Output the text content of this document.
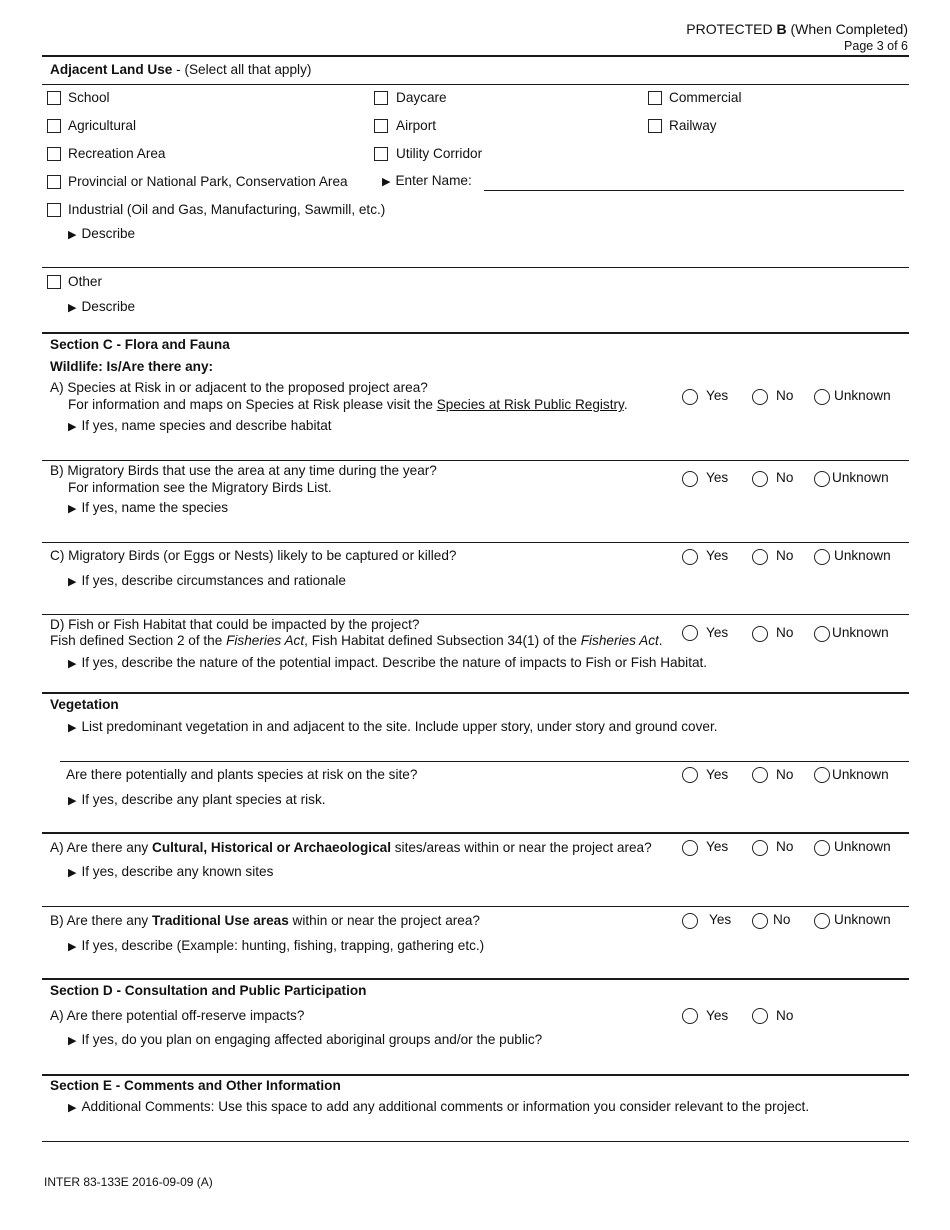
PROTECTED B (When Completed)
Page 3 of 6
Adjacent Land Use - (Select all that apply)
School	Daycare	Commercial
Agricultural	Airport	Railway
Recreation Area	Utility Corridor
Provincial or National Park, Conservation Area	▶ Enter Name:
Industrial (Oil and Gas, Manufacturing, Sawmill, etc.)
▶ Describe
Other
▶ Describe
Section C - Flora and Fauna
Wildlife: Is/Are there any:
A) Species at Risk in or adjacent to the proposed project area?
For information and maps on Species at Risk please visit the Species at Risk Public Registry.
▶ If yes, name species and describe habitat
Yes	No	Unknown
B) Migratory Birds that use the area at any time during the year?
For information see the Migratory Birds List.
▶ If yes, name the species
Yes	No	Unknown
C) Migratory Birds (or Eggs or Nests) likely to be captured or killed?
▶ If yes, describe circumstances and rationale
Yes	No	Unknown
D) Fish or Fish Habitat that could be impacted by the project?
Fish defined Section 2 of the Fisheries Act, Fish Habitat defined Subsection 34(1) of the Fisheries Act.
▶ If yes, describe the nature of the potential impact. Describe the nature of impacts to Fish or Fish Habitat.
Yes	No	Unknown
Vegetation
▶ List predominant vegetation in and adjacent to the site. Include upper story, under story and ground cover.
Are there potentially and plants species at risk on the site?
▶ If yes, describe any plant species at risk.
Yes	No	Unknown
A) Are there any Cultural, Historical or Archaeological sites/areas within or near the project area?
▶ If yes, describe any known sites
Yes	No	Unknown
B) Are there any Traditional Use areas within or near the project area?
▶ If yes, describe (Example: hunting, fishing, trapping, gathering etc.)
Yes	No	Unknown
Section D - Consultation and Public Participation
A) Are there potential off-reserve impacts?
▶ If yes, do you plan on engaging affected aboriginal groups and/or the public?
Yes	No
Section E - Comments and Other Information
▶ Additional Comments: Use this space to add any additional comments or information you consider relevant to the project.
INTER 83-133E 2016-09-09 (A)
